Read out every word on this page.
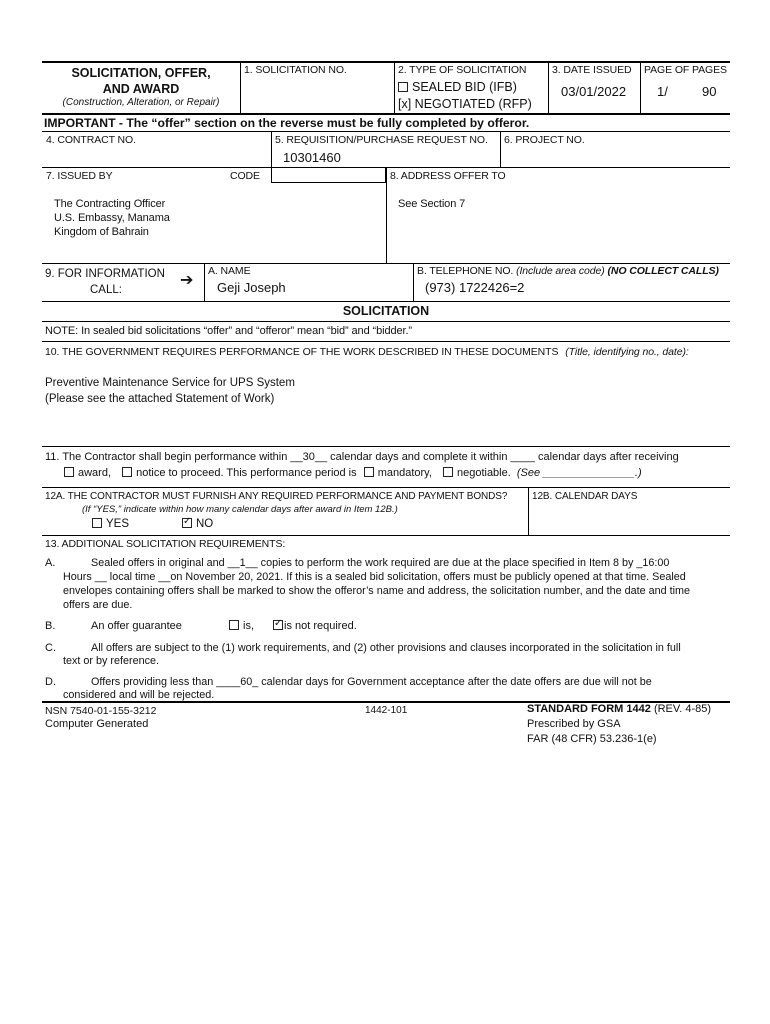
SOLICITATION, OFFER,
AND AWARD
(Construction, Alteration, or Repair)
1. SOLICITATION NO.	2. TYPE OF SOLICITATION
SEALED BID (IFB)
[x] NEGOTIATED (RFP)
3. DATE ISSUED
03/01/2022
PAGE OF PAGES
1/	90
IMPORTANT - The “offer” section on the reverse must be fully completed by offeror.
4. CONTRACT NO.	5. REQUISITION/PURCHASE REQUEST NO.
10301460
6. PROJECT NO.
7. ISSUED BY	CODE
The Contracting Officer
U.S. Embassy, Manama
Kingdom of Bahrain
8. ADDRESS OFFER TO
See Section 7
9. FOR INFORMATION
CALL:
➔
A. NAME
Geji Joseph
B. TELEPHONE NO. (Include area code) (NO COLLECT CALLS)
(973) 1722426=2
SOLICITATION
NOTE: In sealed bid solicitations “offer” and “offeror” mean “bid” and “bidder.”
10. THE GOVERNMENT REQUIRES PERFORMANCE OF THE WORK DESCRIBED IN THESE DOCUMENTS (Title, identifying no., date):
Preventive Maintenance Service for UPS System
(Please see the attached Statement of Work)
11. The Contractor shall begin performance within __30__ calendar days and complete it within ____ calendar days after receiving
award, notice to proceed. This performance period is mandatory, negotiable. (See _______________.)
12A. THE CONTRACTOR MUST FURNISH ANY REQUIRED PERFORMANCE AND PAYMENT BONDS?
(If “YES,” indicate within how many calendar days after award in Item 12B.)
YES ✓	NO
12B. CALENDAR DAYS
13. ADDITIONAL SOLICITATION REQUIREMENTS:
A.	Sealed offers in original and __1__ copies to perform the work required are due at the place specified in Item 8 by _16:00
Hours __ local time __on November 20, 2021. If this is a sealed bid solicitation, offers must be publicly opened at that time. Sealed
envelopes containing offers shall be marked to show the offeror’s name and address, the solicitation number, and the date and time
offers are due.
B.	An offer guarantee	is, ✓	is not required.
C.	All offers are subject to the (1) work requirements, and (2) other provisions and clauses incorporated in the solicitation in full
text or by reference.
D.	Offers providing less than ____60_ calendar days for Government acceptance after the date offers are due will not be
considered and will be rejected.
NSN 7540-01-155-3212
Computer Generated
1442-101	STANDARD FORM 1442 (REV. 4-85)
Prescribed by GSA
FAR (48 CFR) 53.236-1(e)
